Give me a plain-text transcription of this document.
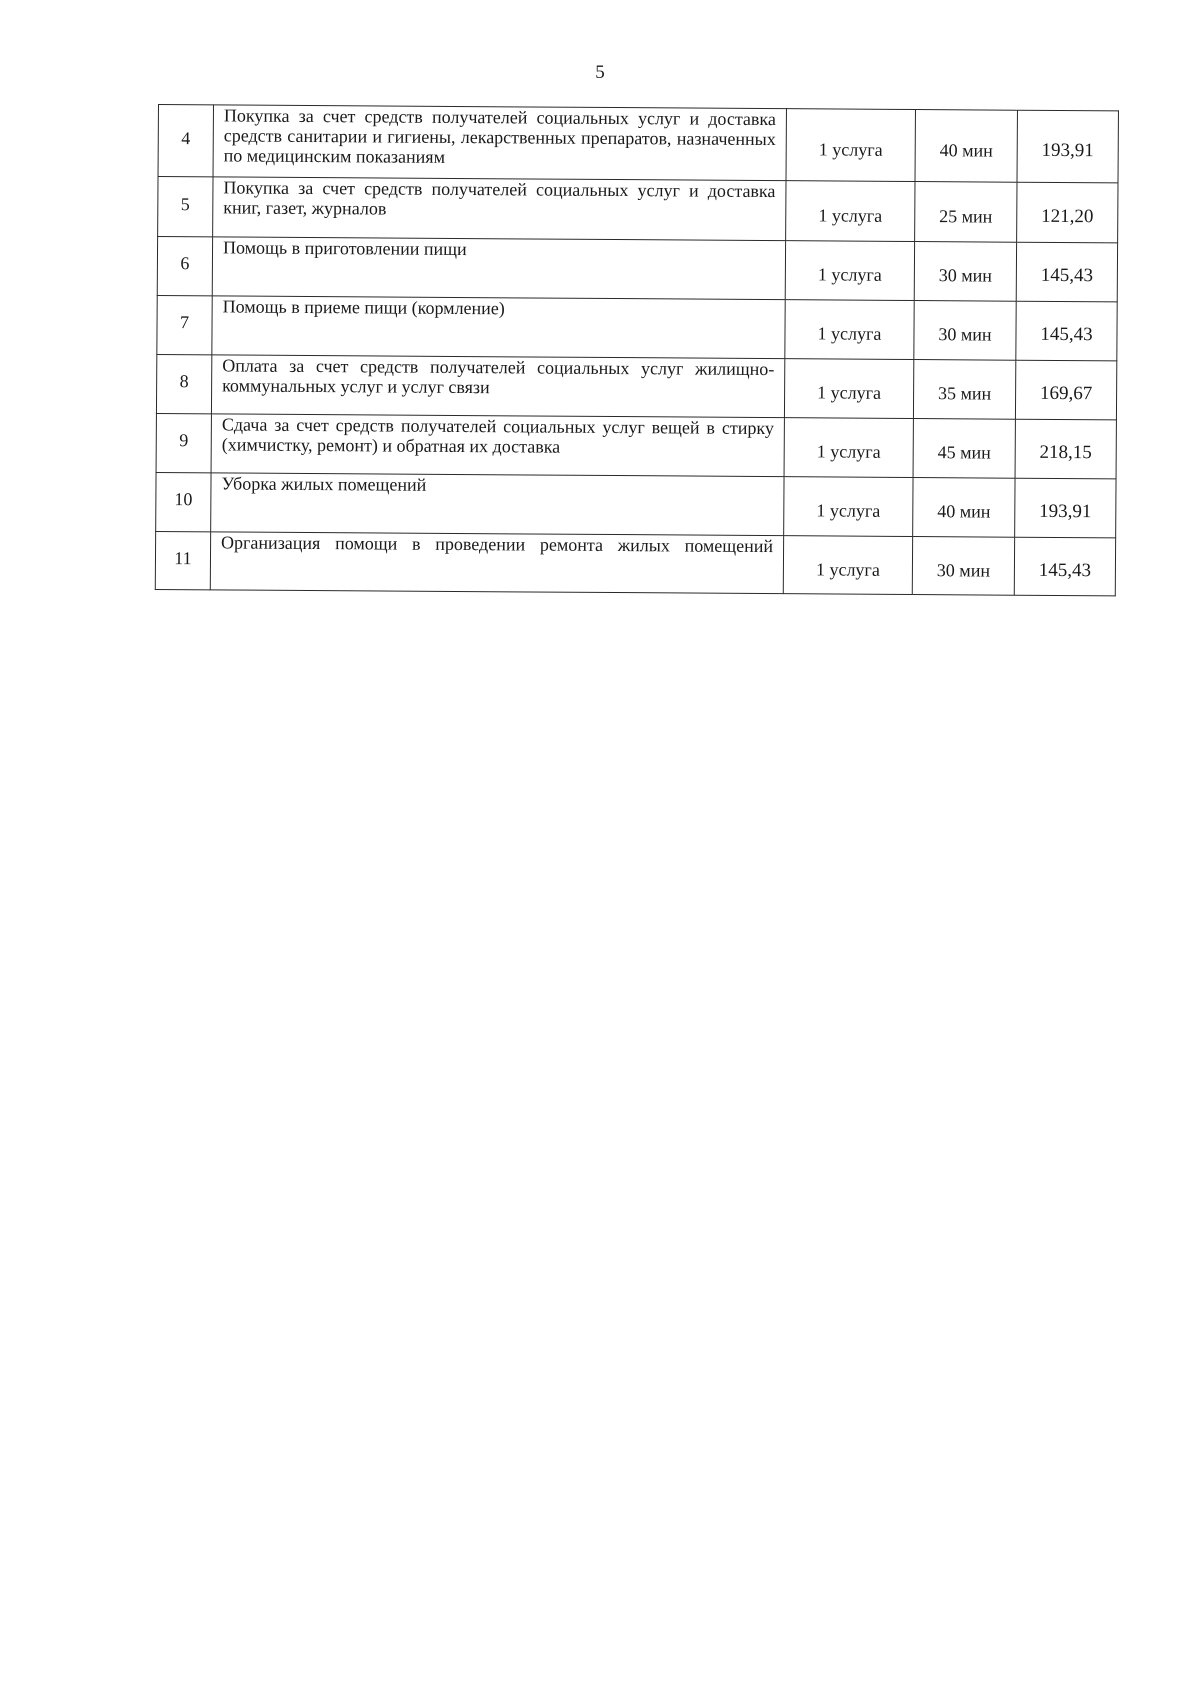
5
4	Покупка за счет средств получателей социальных услуг и доставка средств санитарии и гигиены, лекарственных препаратов, назначенных по медицинским показаниям	1 услуга	40 мин	193,91
5	Покупка за счет средств получателей социальных услуг и доставка книг, газет, журналов	1 услуга	25 мин	121,20
6	Помощь в приготовлении пищи	1 услуга	30 мин	145,43
7	Помощь в приеме пищи (кормление)	1 услуга	30 мин	145,43
8	Оплата за счет средств получателей социальных услуг жилищно-коммунальных услуг и услуг связи	1 услуга	35 мин	169,67
9	Сдача за счет средств получателей социальных услуг вещей в стирку (химчистку, ремонт) и обратная их доставка	1 услуга	45 мин	218,15
10	Уборка жилых помещений	1 услуга	40 мин	193,91
11	Организация помощи в проведении ремонта жилых помещений	1 услуга	30 мин	145,43
